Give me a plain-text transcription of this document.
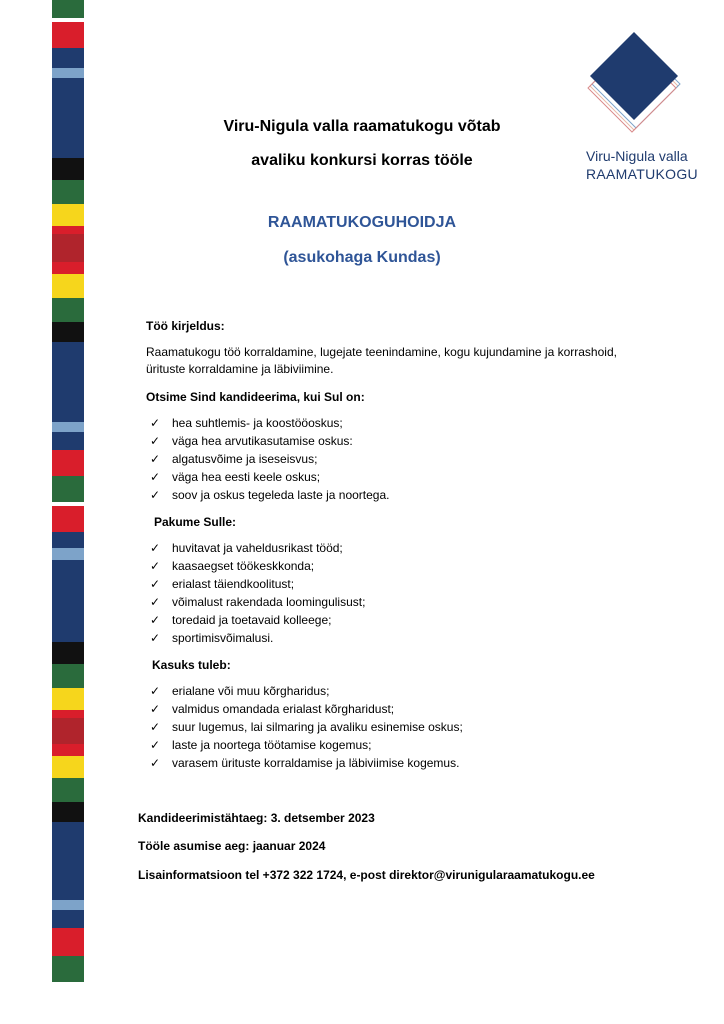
Viru-Nigula valla
RAAMATUKOGU
Viru-Nigula valla raamatukogu võtab
avaliku konkursi korras tööle
RAAMATUKOGUHOIDJA
(asukohaga Kundas)

Töö kirjeldus:

Raamatukogu töö korraldamine, lugejate teenindamine, kogu kujundamine ja korrashoid, ürituste korraldamine ja läbiviimine.

Otsime Sind kandideerima, kui Sul on:

✓ hea suhtlemis- ja koostööoskus;
✓ väga hea arvutikasutamise oskus:
✓ algatusvõime ja iseseisvus;
✓ väga hea eesti keele oskus;
✓ soov ja oskus tegeleda laste ja noortega.

Pakume Sulle:

✓ huvitavat ja vaheldusrikast tööd;
✓ kaasaegset töökeskkonda;
✓ erialast täiendkoolitust;
✓ võimalust rakendada loomingulisust;
✓ toredaid ja toetavaid kolleege;
✓ sportimisvõimalusi.

Kasuks tuleb:

✓ erialane või muu kõrgharidus;
✓ valmidus omandada erialast kõrgharidust;
✓ suur lugemus, lai silmaring ja avaliku esinemise oskus;
✓ laste ja noortega töötamise kogemus;
✓ varasem ürituste korraldamise ja läbiviimise kogemus.
Kandideerimistähtaeg: 3. detsember 2023
Tööle asumise aeg: jaanuar 2024
Lisainformatsioon tel +372 322 1724, e-post direktor@virunigularaamatukogu.ee
